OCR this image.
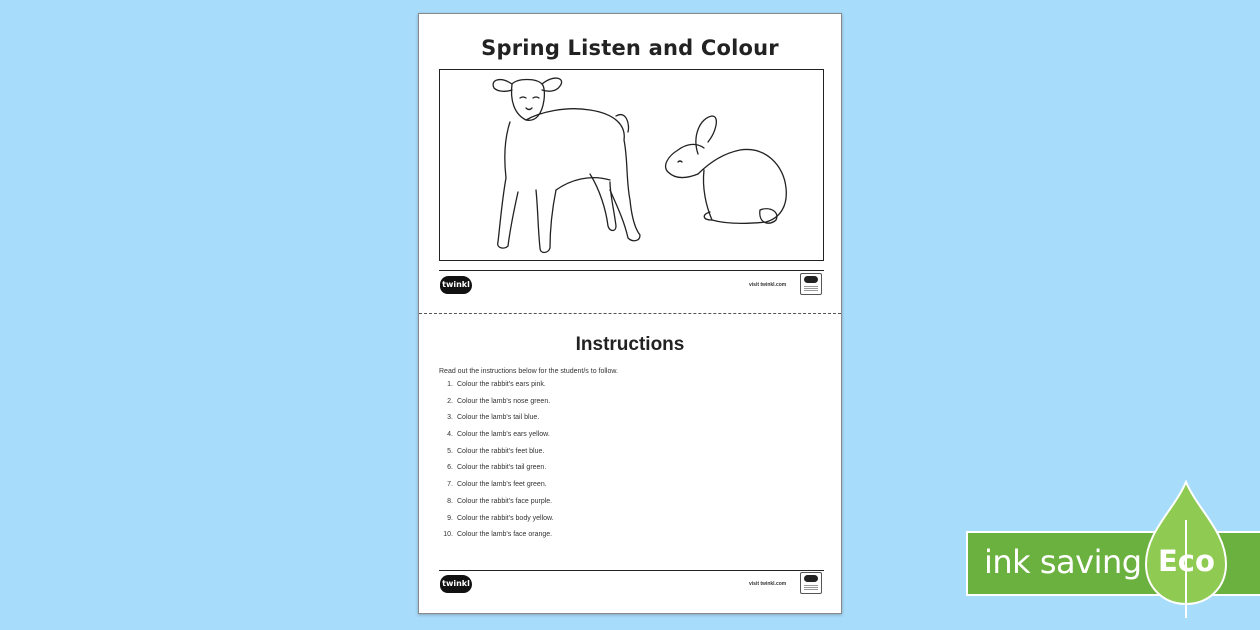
Spring Listen and Colour
twinkl	visit twinkl.com
Instructions
Read out the instructions below for the student/s to follow.
1. Colour the rabbit's ears pink.
2. Colour the lamb's nose green.
3. Colour the lamb's tail blue.
4. Colour the lamb's ears yellow.
5. Colour the rabbit's feet blue.
6. Colour the rabbit's tail green.
7. Colour the lamb's feet green.
8. Colour the rabbit's face purple.
9. Colour the rabbit's body yellow.
10. Colour the lamb's face orange.
twinkl	visit twinkl.com
ink saving Eco
